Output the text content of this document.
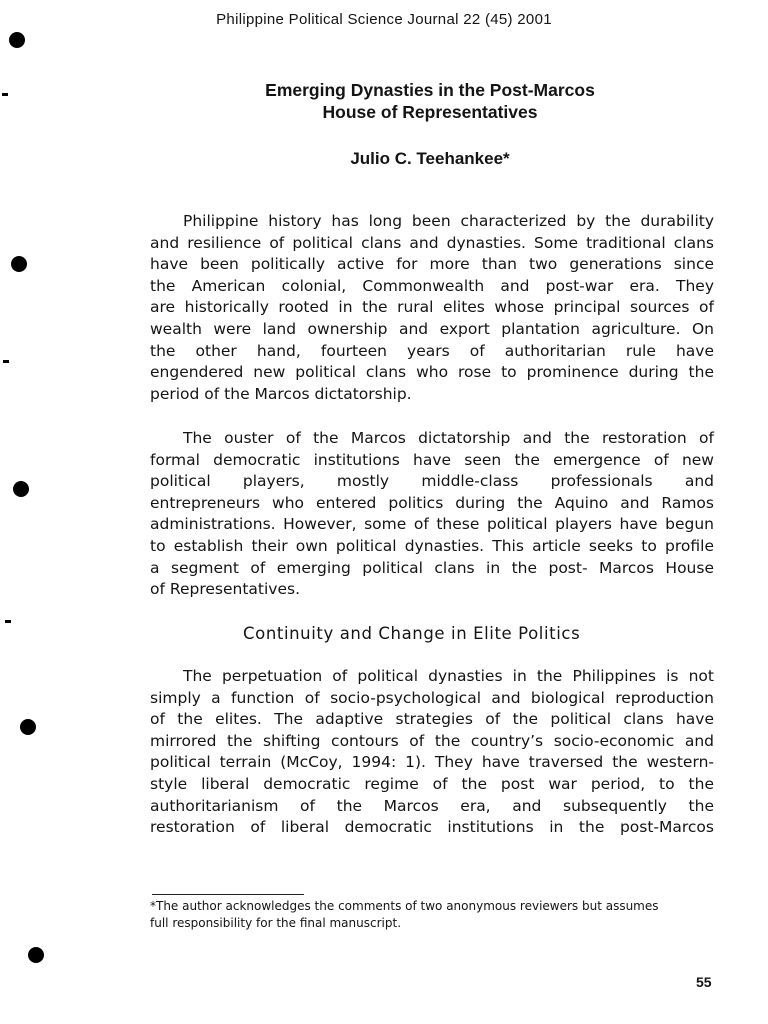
Philippine Political Science Journal 22 (45) 2001
Emerging Dynasties in the Post-Marcos
House of Representatives
Julio C. Teehankee*
Philippine history has long been characterized by the durability
and resilience of political clans and dynasties. Some traditional clans
have been politically active for more than two generations since
the American colonial, Commonwealth and post-war era. They
are historically rooted in the rural elites whose principal sources of
wealth were land ownership and export plantation agriculture. On
the other hand, fourteen years of authoritarian rule have
engendered new political clans who rose to prominence during the
period of the Marcos dictatorship.
The ouster of the Marcos dictatorship and the restoration of
formal democratic institutions have seen the emergence of new
political players, mostly middle-class professionals and
entrepreneurs who entered politics during the Aquino and Ramos
administrations. However, some of these political players have begun
to establish their own political dynasties. This article seeks to profile
a segment of emerging political clans in the post- Marcos House
of Representatives.
Continuity and Change in Elite Politics
The perpetuation of political dynasties in the Philippines is not
simply a function of socio-psychological and biological reproduction
of the elites. The adaptive strategies of the political clans have
mirrored the shifting contours of the country’s socio-economic and
political terrain (McCoy, 1994: 1). They have traversed the western-
style liberal democratic regime of the post war period, to the
authoritarianism of the Marcos era, and subsequently the
restoration of liberal democratic institutions in the post-Marcos
*The author acknowledges the comments of two anonymous reviewers but assumes
full responsibility for the final manuscript.
55
